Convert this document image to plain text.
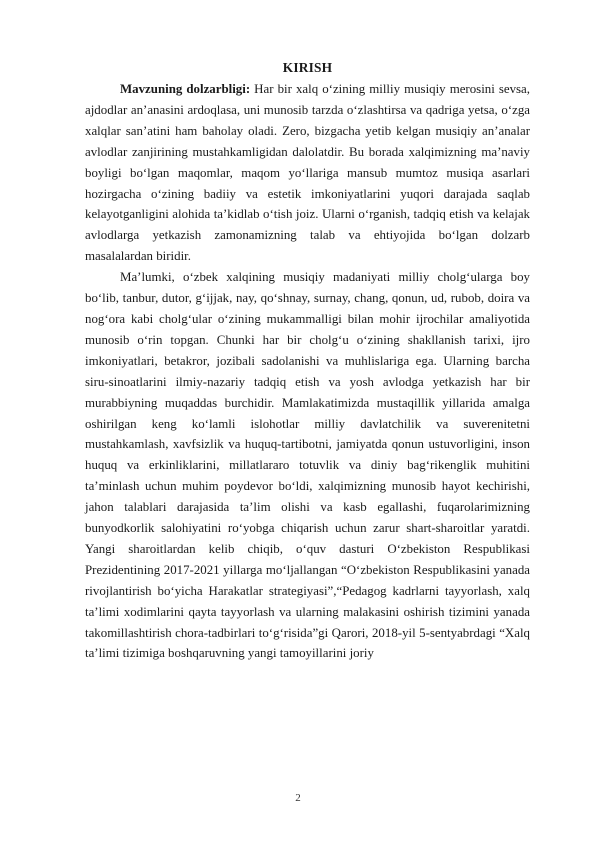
KIRISH

Mavzuning dolzarbligi: Har bir xalq o‘zining milliy musiqiy merosini sevsa, ajdodlar an’anasini ardoqlasa, uni munosib tarzda o‘zlashtirsa va qadriga yetsa, o‘zga xalqlar san’atini ham baholay oladi. Zero, bizgacha yetib kelgan musiqiy an’analar avlodlar zanjirining mustahkamligidan dalolatdir. Bu borada xalqimizning ma’naviy boyligi bo‘lgan maqomlar, maqom yo‘llariga mansub mumtoz musiqa asarlari hozirgacha o‘zining badiiy va estetik imkoniyatlarini yuqori darajada saqlab kelayotganligini alohida ta’kidlab o‘tish joiz. Ularni o‘rganish, tadqiq etish va kelajak avlodlarga yetkazish zamonamizning talab va ehtiyojida bo‘lgan dolzarb masalalardan biridir.

Ma’lumki, o‘zbek xalqining musiqiy madaniyati milliy cholg‘ularga boy bo‘lib, tanbur, dutor, g‘ijjak, nay, qo‘shnay, surnay, chang, qonun, ud, rubob, doira va nog‘ora kabi cholg‘ular o‘zining mukammalligi bilan mohir ijrochilar amaliyotida munosib o‘rin topgan. Chunki har bir cholg‘u o‘zining shakllanish tarixi, ijro imkoniyatlari, betakror, jozibali sadolanishi va muhlislariga ega. Ularning barcha siru-sinoatlarini ilmiy-nazariy tadqiq etish va yosh avlodga yetkazish har bir murabbiyning muqaddas burchidir. Mamlakatimizda mustaqillik yillarida amalga oshirilgan keng ko‘lamli islohotlar milliy davlatchilik va suverenitetni mustahkamlash, xavfsizlik va huquq-tartibotni, jamiyatda qonun ustuvorligini, inson huquq va erkinliklarini, millatlararo totuvlik va diniy bag‘rikenglik muhitini ta’minlash uchun muhim poydevor bo‘ldi, xalqimizning munosib hayot kechirishi, jahon talablari darajasida ta’lim olishi va kasb egallashi, fuqarolarimizning bunyodkorlik salohiyatini ro‘yobga chiqarish uchun zarur shart-sharoitlar yaratdi. Yangi sharoitlardan kelib chiqib, o‘quv dasturi O‘zbekiston Respublikasi Prezidentining 2017-2021 yillarga mo‘ljallangan “O‘zbekiston Respublikasini yanada rivojlantirish bo‘yicha Harakatlar strategiyasi”,“Pedagog kadrlarni tayyorlash, xalq ta’limi xodimlarini qayta tayyorlash va ularning malakasini oshirish tizimini yanada takomillashtirish chora-tadbirlari to‘g‘risida”gi Qarori, 2018-yil 5-sentyabrdagi “Xalq ta’limi tizimiga boshqaruvning yangi tamoyillarini joriy

2
